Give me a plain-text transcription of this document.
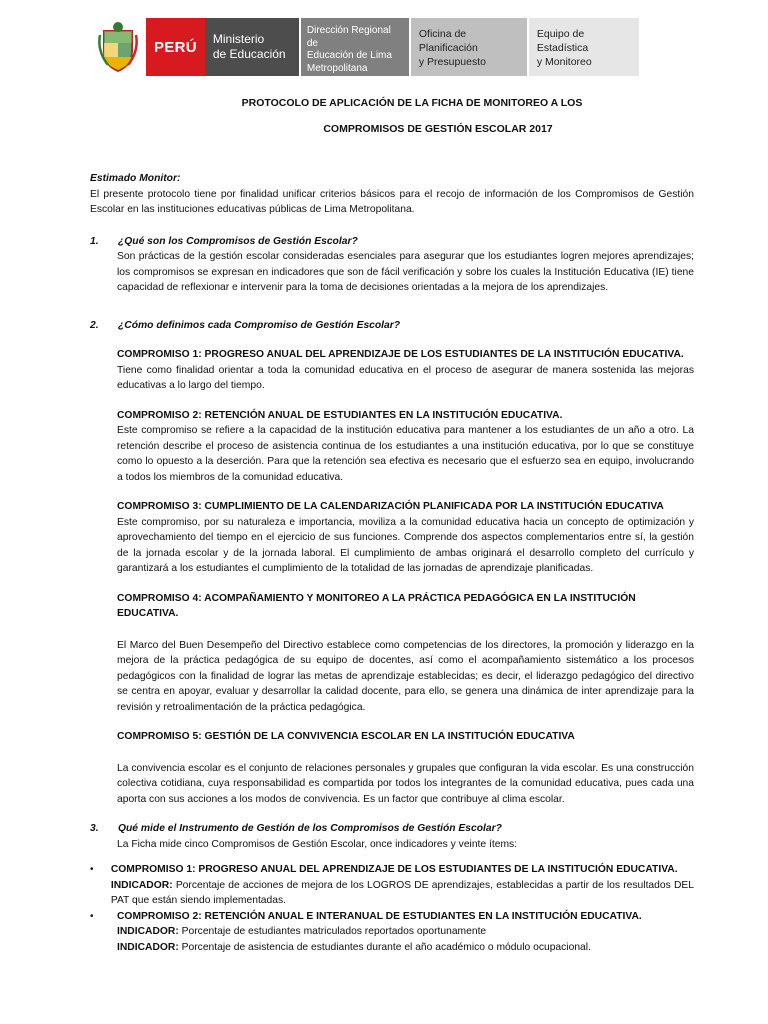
PERÚ	Ministerio
de Educación
Dirección Regional de
Educación de Lima
Metropolitana
Oficina de Planificación
y Presupuesto
Equipo de Estadística
y Monitoreo
PROTOCOLO DE APLICACIÓN DE LA FICHA DE MONITOREO A LOS
COMPROMISOS DE GESTIÓN ESCOLAR 2017
Estimado Monitor:

El presente protocolo tiene por finalidad unificar criterios básicos para el recojo de información de los Compromisos de Gestión Escolar en las instituciones educativas públicas de Lima Metropolitana.

1.	¿Qué son los Compromisos de Gestión Escolar?

Son prácticas de la gestión escolar consideradas esenciales para asegurar que los estudiantes logren mejores aprendizajes; los compromisos se expresan en indicadores que son de fácil verificación y sobre los cuales la Institución Educativa (IE) tiene capacidad de reflexionar e intervenir para la toma de decisiones orientadas a la mejora de los aprendizajes.

2.	¿Cómo definimos cada Compromiso de Gestión Escolar?
COMPROMISO 1: PROGRESO ANUAL DEL APRENDIZAJE DE LOS ESTUDIANTES DE LA INSTITUCIÓN EDUCATIVA.

Tiene como finalidad orientar a toda la comunidad educativa en el proceso de asegurar de manera sostenida las mejoras educativas a lo largo del tiempo.

COMPROMISO 2: RETENCIÓN ANUAL DE ESTUDIANTES EN LA INSTITUCIÓN EDUCATIVA.

Este compromiso se refiere a la capacidad de la institución educativa para mantener a los estudiantes de un año a otro. La retención describe el proceso de asistencia continua de los estudiantes a una institución educativa, por lo que se constituye como lo opuesto a la deserción. Para que la retención sea efectiva es necesario que el esfuerzo sea en equipo, involucrando a todos los miembros de la comunidad educativa.

COMPROMISO 3: CUMPLIMIENTO DE LA CALENDARIZACIÓN PLANIFICADA POR LA INSTITUCIÓN EDUCATIVA

Este compromiso, por su naturaleza e importancia, moviliza a la comunidad educativa hacia un concepto de optimización y aprovechamiento del tiempo en el ejercicio de sus funciones. Comprende dos aspectos complementarios entre sí, la gestión de la jornada escolar y de la jornada laboral. El cumplimiento de ambas originará el desarrollo completo del currículo y garantizará a los estudiantes el cumplimiento de la totalidad de las jornadas de aprendizaje planificadas.

COMPROMISO 4: ACOMPAÑAMIENTO Y MONITOREO A LA PRÁCTICA PEDAGÓGICA EN LA INSTITUCIÓN EDUCATIVA.

El Marco del Buen Desempeño del Directivo establece como competencias de los directores, la promoción y liderazgo en la mejora de la práctica pedagógica de su equipo de docentes, así como el acompañamiento sistemático a los procesos pedagógicos con la finalidad de lograr las metas de aprendizaje establecidas; es decir, el liderazgo pedagógico del directivo se centra en apoyar, evaluar y desarrollar la calidad docente, para ello, se genera una dinámica de inter aprendizaje para la revisión y retroalimentación de la práctica pedagógica.

COMPROMISO 5: GESTIÓN DE LA CONVIVENCIA ESCOLAR EN LA INSTITUCIÓN EDUCATIVA

La convivencia escolar es el conjunto de relaciones personales y grupales que configuran la vida escolar. Es una construcción colectiva cotidiana, cuya responsabilidad es compartida por todos los integrantes de la comunidad educativa, pues cada una aporta con sus acciones a los modos de convivencia. Es un factor que contribuye al clima escolar.

3.	Qué mide el Instrumento de Gestión de los Compromisos de Gestión Escolar?

La Ficha mide cinco Compromisos de Gestión Escolar, once indicadores y veinte ítems:

•	COMPROMISO 1: PROGRESO ANUAL DEL APRENDIZAJE DE LOS ESTUDIANTES DE LA INSTITUCIÓN EDUCATIVA.

INDICADOR: Porcentaje de acciones de mejora de los LOGROS DE aprendizajes, establecidas a partir de los resultados DEL PAT que están siendo implementadas.

•	COMPROMISO 2: RETENCIÓN ANUAL E INTERANUAL DE ESTUDIANTES EN LA INSTITUCIÓN EDUCATIVA.

INDICADOR: Porcentaje de estudiantes matriculados reportados oportunamente

INDICADOR: Porcentaje de asistencia de estudiantes durante el año académico o módulo ocupacional.
